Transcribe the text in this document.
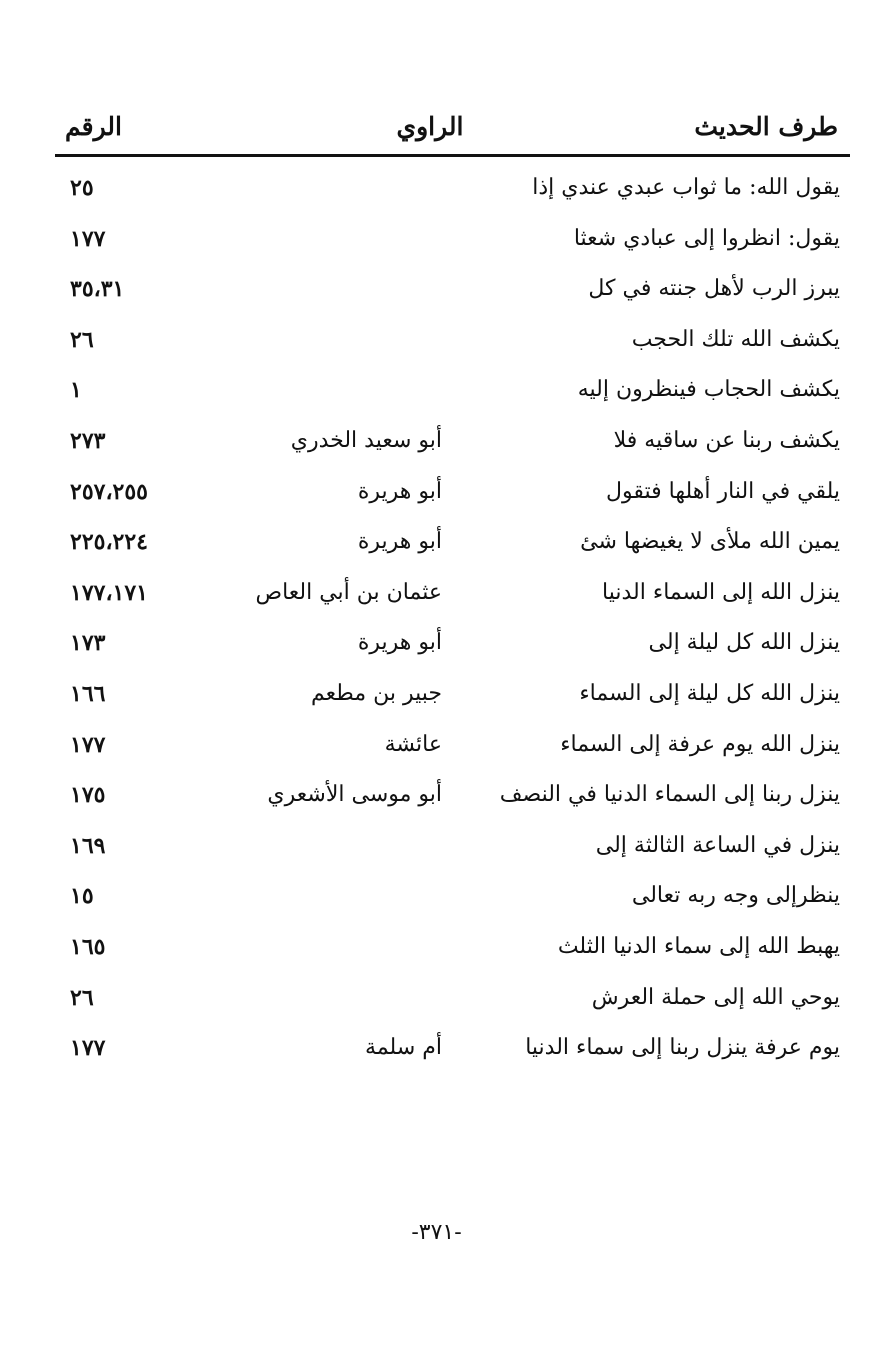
طرف الحديث
الراوي
الرقم
يقول الله: ما ثواب عبدي عندي إذا
٢٥
يقول: انظروا إلى عبادي شعثا
١٧٧
يبرز الرب لأهل جنته في كل
٣٥،٣١
يكشف الله تلك الحجب
٢٦
يكشف الحجاب فينظرون إليه
١
يكشف ربنا عن ساقيه فلا
أبو سعيد الخدري
٢٧٣
يلقي في النار أهلها فتقول
أبو هريرة
٢٥٧،٢٥٥
يمين الله ملأى لا يغيضها شئ
أبو هريرة
٢٢٥،٢٢٤
ينزل الله إلى السماء الدنيا
عثمان بن أبي العاص
١٧٧،١٧١
ينزل الله كل ليلة إلى
أبو هريرة
١٧٣
ينزل الله كل ليلة إلى السماء
جبير بن مطعم
١٦٦
ينزل الله يوم عرفة إلى السماء
عائشة
١٧٧
ينزل ربنا إلى السماء الدنيا في النصف
أبو موسى الأشعري
١٧٥
ينزل في الساعة الثالثة إلى
١٦٩
ينظرإلى وجه ربه تعالى
١٥
يهبط الله إلى سماء الدنيا الثلث
١٦٥
يوحي الله إلى حملة العرش
٢٦
يوم عرفة ينزل ربنا إلى سماء الدنيا
أم سلمة
١٧٧
-٣٧١-
